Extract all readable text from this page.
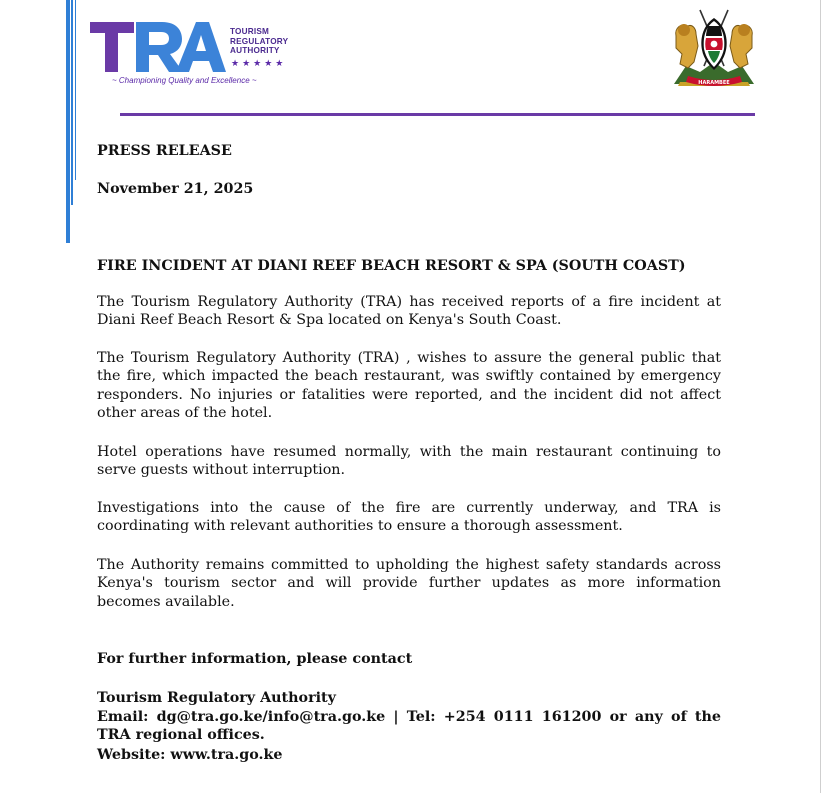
TOURISM
REGULATORY
AUTHORITY
★★★★★
~ Championing Quality and Excellence ~	HARAMBEE
PRESS RELEASE
November 21, 2025
FIRE INCIDENT AT DIANI REEF BEACH RESORT & SPA (SOUTH COAST)
The Tourism Regulatory Authority (TRA) has received reports of a fire incident at Diani Reef Beach Resort & Spa located on Kenya's South Coast.
The Tourism Regulatory Authority (TRA) , wishes to assure the general public that the fire, which impacted the beach restaurant, was swiftly contained by emergency responders. No injuries or fatalities were reported, and the incident did not affect other areas of the hotel.
Hotel operations have resumed normally, with the main restaurant continuing to serve guests without interruption.
Investigations into the cause of the fire are currently underway, and TRA is coordinating with relevant authorities to ensure a thorough assessment.
The Authority remains committed to upholding the highest safety standards across Kenya's tourism sector and will provide further updates as more information becomes available.
For further information, please contact
Tourism Regulatory Authority
Email: dg@tra.go.ke/info@tra.go.ke | Tel: +254 0111 161200 or any of the TRA regional offices.
Website: www.tra.go.ke
